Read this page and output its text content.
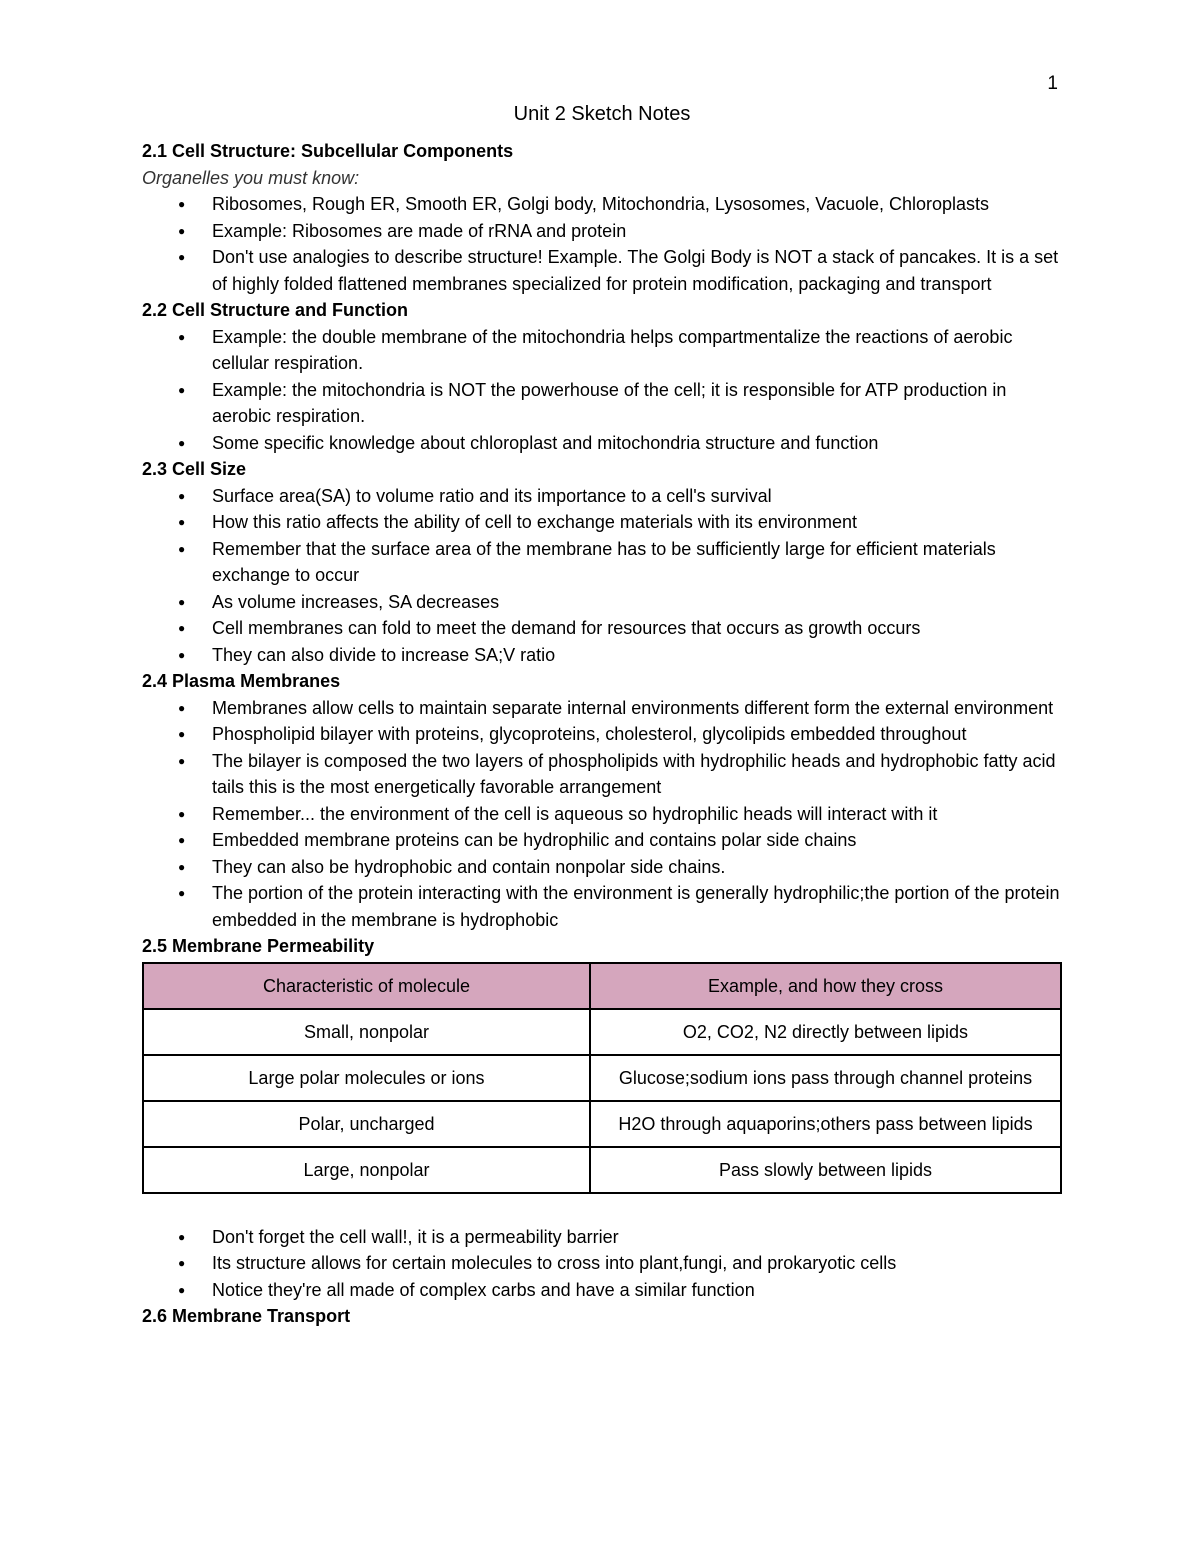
1
Unit 2 Sketch Notes
2.1 Cell Structure: Subcellular Components
Organelles you must know:
● Ribosomes, Rough ER, Smooth ER, Golgi body, Mitochondria, Lysosomes, Vacuole, Chloroplasts
● Example: Ribosomes are made of rRNA and protein
● Don't use analogies to describe structure! Example. The Golgi Body is NOT a stack of pancakes. It is a set of highly folded flattened membranes specialized for protein modification, packaging and transport
2.2 Cell Structure and Function
● Example: the double membrane of the mitochondria helps compartmentalize the reactions of aerobic cellular respiration.
● Example: the mitochondria is NOT the powerhouse of the cell; it is responsible for ATP production in aerobic respiration.
● Some specific knowledge about chloroplast and mitochondria structure and function
2.3 Cell Size
● Surface area(SA) to volume ratio and its importance to a cell's survival
● How this ratio affects the ability of cell to exchange materials with its environment
● Remember that the surface area of the membrane has to be sufficiently large for efficient materials exchange to occur
● As volume increases, SA decreases
● Cell membranes can fold to meet the demand for resources that occurs as growth occurs
● They can also divide to increase SA;V ratio
2.4 Plasma Membranes
● Membranes allow cells to maintain separate internal environments different form the external environment
● Phospholipid bilayer with proteins, glycoproteins, cholesterol, glycolipids embedded throughout
● The bilayer is composed the two layers of phospholipids with hydrophilic heads and hydrophobic fatty acid tails this is the most energetically favorable arrangement
● Remember... the environment of the cell is aqueous so hydrophilic heads will interact with it
● Embedded membrane proteins can be hydrophilic and contains polar side chains
● They can also be hydrophobic and contain nonpolar side chains.
● The portion of the protein interacting with the environment is generally hydrophilic;the portion of the protein embedded in the membrane is hydrophobic
2.5 Membrane Permeability
Characteristic of molecule	Example, and how they cross
Small, nonpolar	O2, CO2, N2 directly between lipids
Large polar molecules or ions	Glucose;sodium ions pass through channel proteins
Polar, uncharged	H2O through aquaporins;others pass between lipids
Large, nonpolar	Pass slowly between lipids
● Don't forget the cell wall!, it is a permeability barrier
● Its structure allows for certain molecules to cross into plant,fungi, and prokaryotic cells
● Notice they're all made of complex carbs and have a similar function
2.6 Membrane Transport
